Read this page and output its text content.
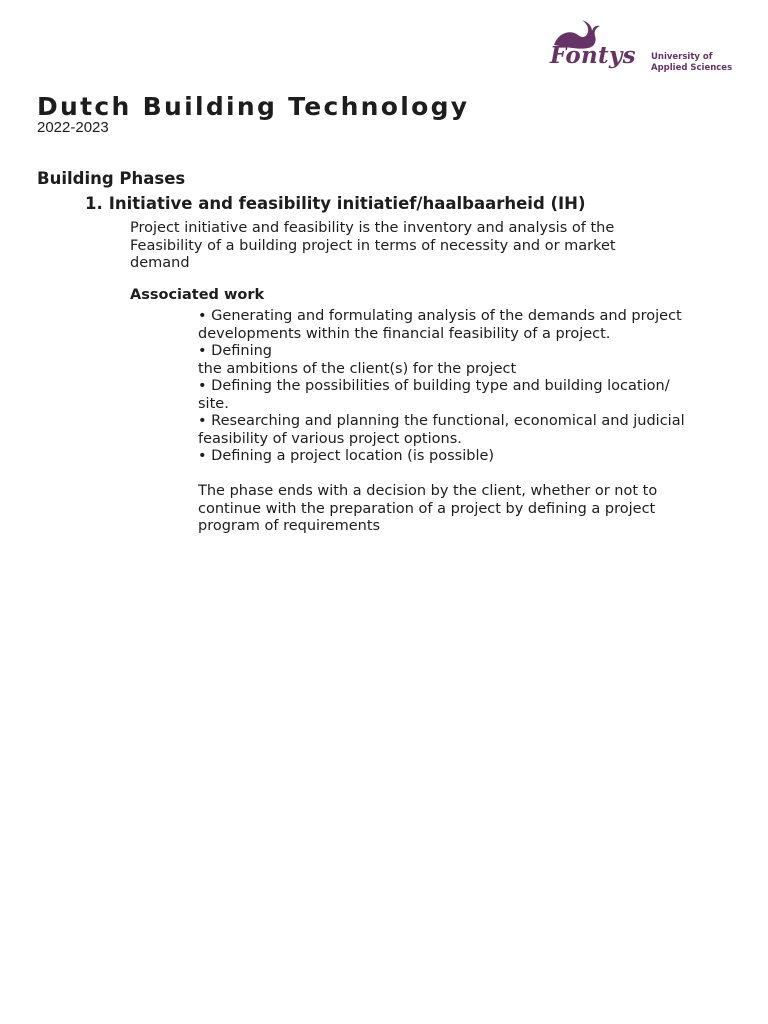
Fontys University of
Applied Sciences
Dutch Building Technology
2022-2023
Building Phases
1. Initiative and feasibility initiatief/haalbaarheid (IH)

Project initiative and feasibility is the inventory and analysis of the
Feasibility of a building project in terms of necessity and or market
demand

Associated work
• Generating and formulating analysis of the demands and project
developments within the financial feasibility of a project.
• Defining
the ambitions of the client(s) for the project
• Defining the possibilities of building type and building location/
site.
• Researching and planning the functional, economical and judicial
feasibility of various project options.
• Defining a project location (is possible)

The phase ends with a decision by the client, whether or not to
continue with the preparation of a project by defining a project
program of requirements
